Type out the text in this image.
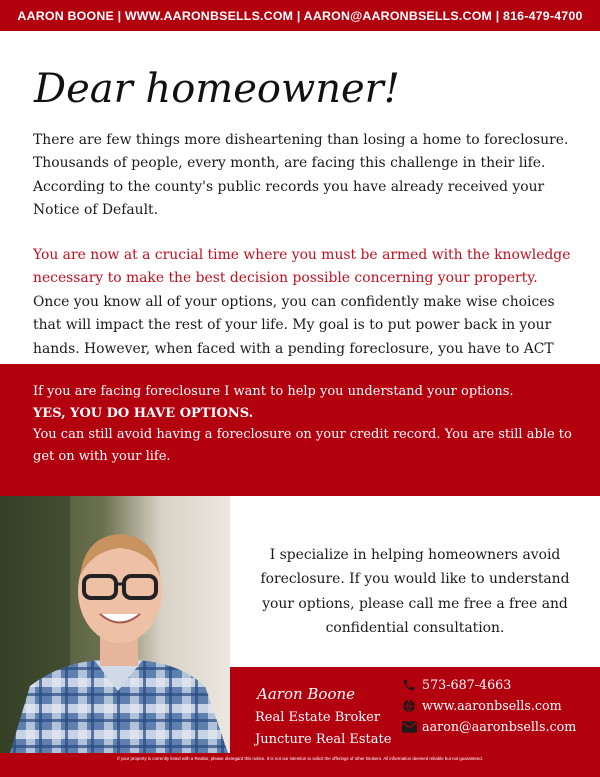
AARON BOONE | WWW.AARONBSELLS.COM | AARON@AARONBSELLS.COM | 816-479-4700
Dear homeowner!

There are few things more disheartening than losing a home to foreclosure. Thousands of people, every month, are facing this challenge in their life. According to the county's public records you have already received your Notice of Default.

You are now at a crucial time where you must be armed with the knowledge necessary to make the best decision possible concerning your property. Once you know all of your options, you can confidently make wise choices that will impact the rest of your life. My goal is to put power back in your hands. However, when faced with a pending foreclosure, you have to ACT

If you are facing foreclosure I want to help you understand your options.
YES, YOU DO HAVE OPTIONS.
You can still avoid having a foreclosure on your credit record. You are still able to get on with your life.
I specialize in helping homeowners avoid foreclosure. If you would like to understand your options, please call me free a free and confidential consultation.
Aaron Boone
Real Estate Broker
Juncture Real Estate
573-687-4663
www.aaronbsells.com
aaron@aaronbsells.com
If your property is currently listed with a Realtor, please disregard this notice. It is not our intention to solicit the offerings of other Brokers. All information deemed reliable but not guaranteed.
